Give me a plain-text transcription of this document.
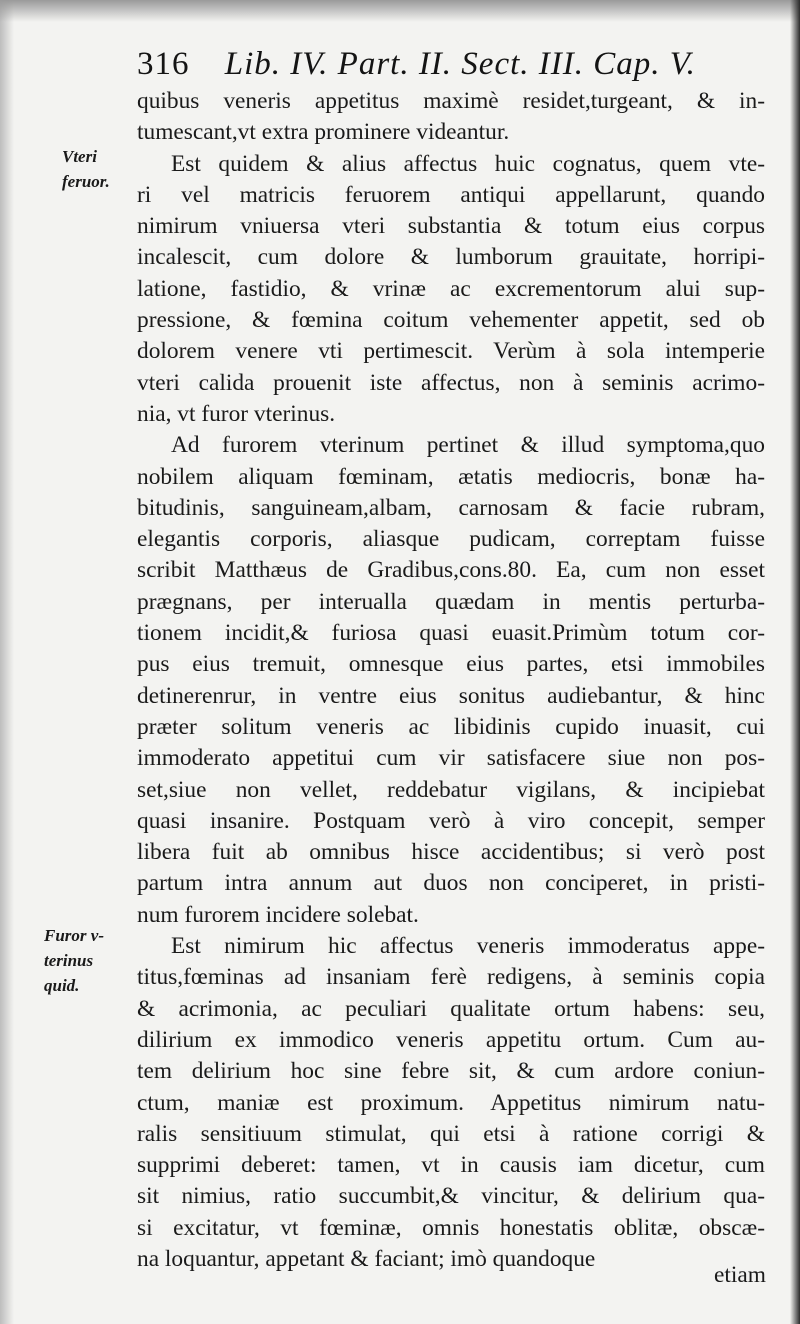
316 Lib. IV. Part. II. Sect. III. Cap. V.
Vteri
feruor.
Furor v-
terinus
quid.
quibus veneris appetitus maximè residet,turgeant, & in-
tumescant,vt extra prominere videantur.
Est quidem & alius affectus huic cognatus, quem vte-
ri vel matricis feruorem antiqui appellarunt, quando
nimirum vniuersa vteri substantia & totum eius corpus
incalescit, cum dolore & lumborum grauitate, horripi-
latione, fastidio, & vrinæ ac excrementorum alui sup-
pressione, & fœmina coitum vehementer appetit, sed ob
dolorem venere vti pertimescit. Verùm à sola intemperie
vteri calida prouenit iste affectus, non à seminis acrimo-
nia, vt furor vterinus.
Ad furorem vterinum pertinet & illud symptoma,quo
nobilem aliquam fœminam, ætatis mediocris, bonæ ha-
bitudinis, sanguineam,albam, carnosam & facie rubram,
elegantis corporis, aliasque pudicam, correptam fuisse
scribit Matthæus de Gradibus,cons.80. Ea, cum non esset
prægnans, per interualla quædam in mentis perturba-
tionem incidit,& furiosa quasi euasit.Primùm totum cor-
pus eius tremuit, omnesque eius partes, etsi immobiles
detinerenrur, in ventre eius sonitus audiebantur, & hinc
præter solitum veneris ac libidinis cupido inuasit, cui
immoderato appetitui cum vir satisfacere siue non pos-
set,siue non vellet, reddebatur vigilans, & incipiebat
quasi insanire. Postquam verò à viro concepit, semper
libera fuit ab omnibus hisce accidentibus; si verò post
partum intra annum aut duos non conciperet, in pristi-
num furorem incidere solebat.
Est nimirum hic affectus veneris immoderatus appe-
titus,fœminas ad insaniam ferè redigens, à seminis copia
& acrimonia, ac peculiari qualitate ortum habens: seu,
dilirium ex immodico veneris appetitu ortum. Cum au-
tem delirium hoc sine febre sit, & cum ardore coniun-
ctum, maniæ est proximum. Appetitus nimirum natu-
ralis sensitiuum stimulat, qui etsi à ratione corrigi &
supprimi deberet: tamen, vt in causis iam dicetur, cum
sit nimius, ratio succumbit,& vincitur, & delirium qua-
si excitatur, vt fœminæ, omnis honestatis oblitæ, obscæ-
na loquantur, appetant & faciant; imò quandoque
etiam
